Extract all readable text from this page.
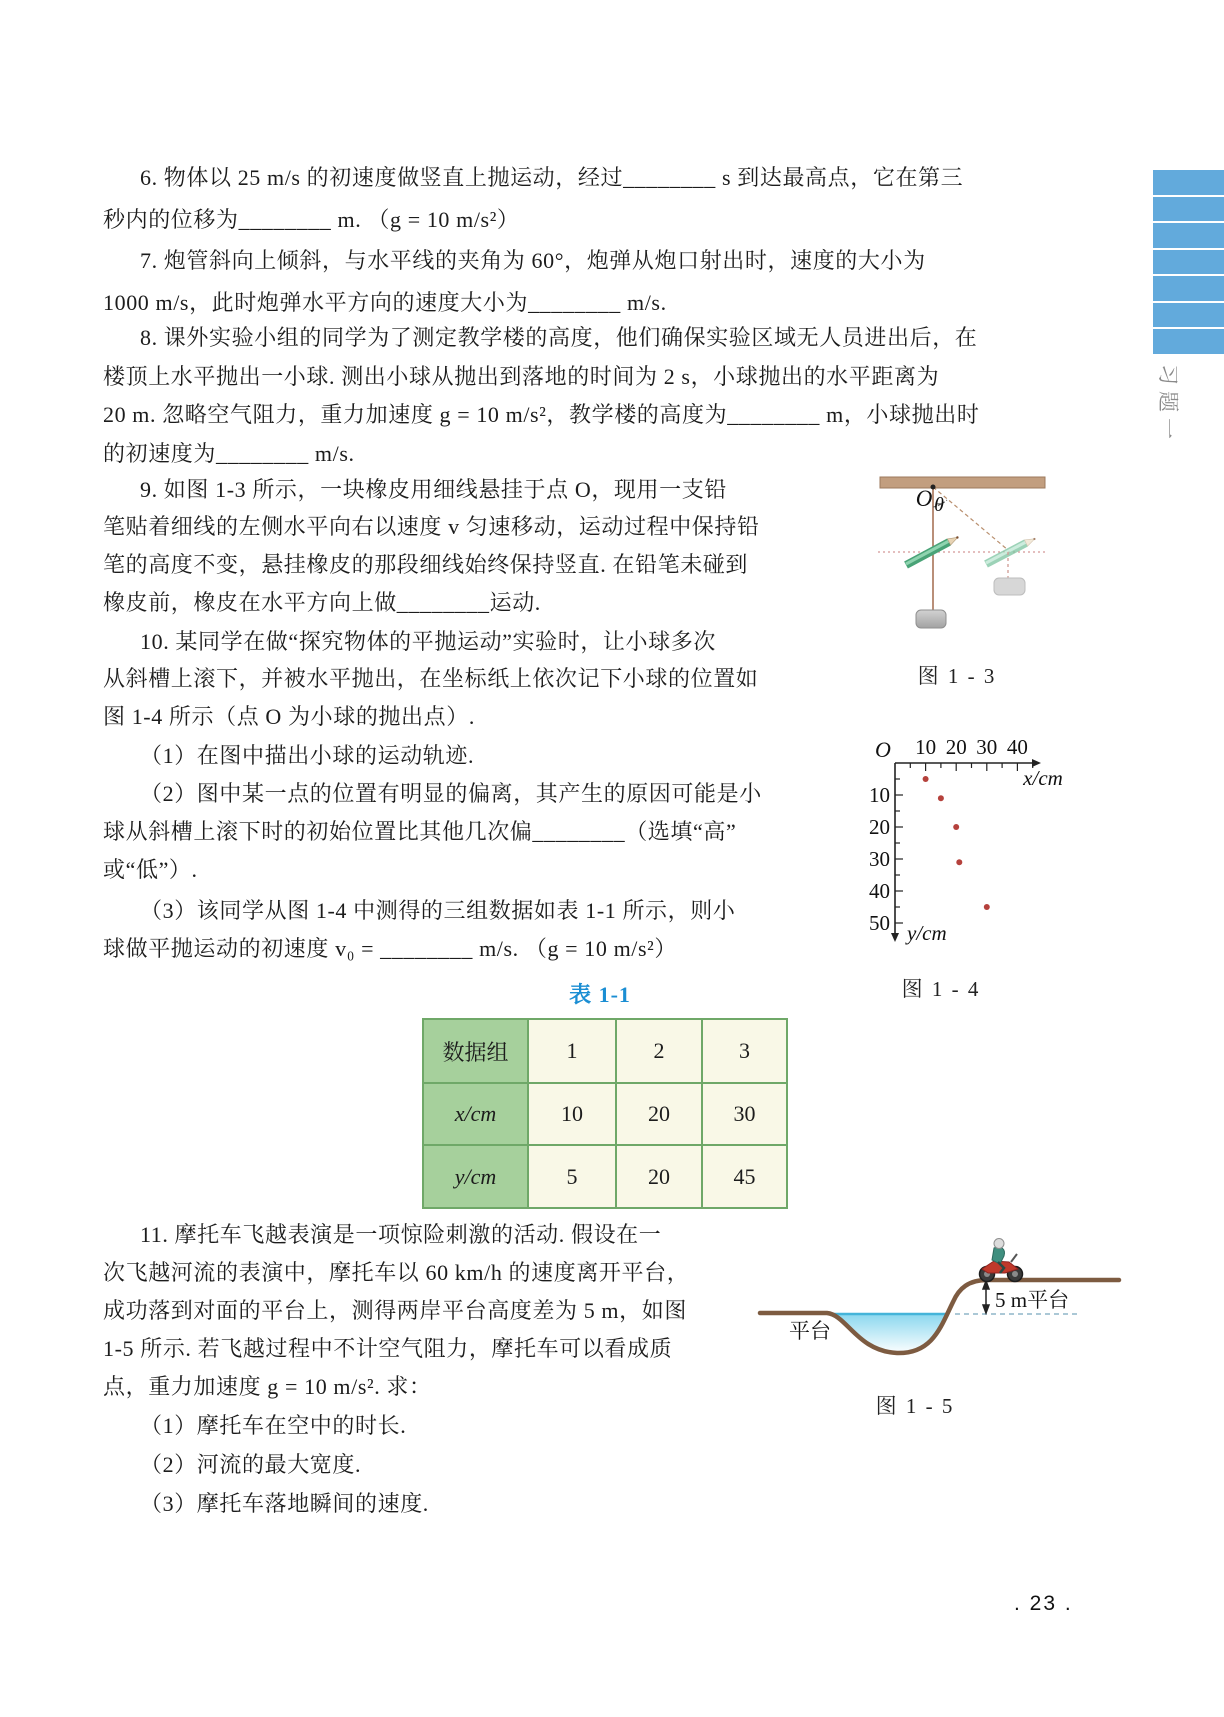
6. 物体以 25 m/s 的初速度做竖直上抛运动，经过________ s 到达最高点，它在第三
秒内的位移为________ m. （g = 10 m/s²）
7. 炮管斜向上倾斜，与水平线的夹角为 60°，炮弹从炮口射出时，速度的大小为
1000 m/s，此时炮弹水平方向的速度大小为________ m/s.
8. 课外实验小组的同学为了测定教学楼的高度，他们确保实验区域无人员进出后，在
楼顶上水平抛出一小球. 测出小球从抛出到落地的时间为 2 s，小球抛出的水平距离为
20 m. 忽略空气阻力，重力加速度 g = 10 m/s²，教学楼的高度为________ m，小球抛出时
的初速度为________ m/s.
9. 如图 1-3 所示，一块橡皮用细线悬挂于点 O，现用一支铅
笔贴着细线的左侧水平向右以速度 v 匀速移动，运动过程中保持铅
笔的高度不变，悬挂橡皮的那段细线始终保持竖直. 在铅笔未碰到
橡皮前，橡皮在水平方向上做________运动.
10. 某同学在做“探究物体的平抛运动”实验时，让小球多次
从斜槽上滚下，并被水平抛出，在坐标纸上依次记下小球的位置如
图 1-4 所示（点 O 为小球的抛出点）.
（1）在图中描出小球的运动轨迹.
（2）图中某一点的位置有明显的偏离，其产生的原因可能是小
球从斜槽上滚下时的初始位置比其他几次偏________（选填“高”
或“低”）.
（3）该同学从图 1-4 中测得的三组数据如表 1-1 所示，则小
球做平抛运动的初速度 v₀ = ________ m/s. （g = 10 m/s²）
11. 摩托车飞越表演是一项惊险刺激的活动. 假设在一
次飞越河流的表演中，摩托车以 60 km/h 的速度离开平台，
成功落到对面的平台上，测得两岸平台高度差为 5 m，如图
1-5 所示. 若飞越过程中不计空气阻力，摩托车可以看成质
点，重力加速度 g = 10 m/s². 求：
（1）摩托车在空中的时长.
（2）河流的最大宽度.
（3）摩托车落地瞬间的速度.
O θ
图 1 - 3
O 10 20 30 40
10
20
30
40
50
x/cm
y/cm
图 1 - 4
表 1-1
数据组	1	2	3
x/cm	10	20	30
y/cm	5	20	45
5 m平台
平台
图 1 - 5
习题一
. 23 .
